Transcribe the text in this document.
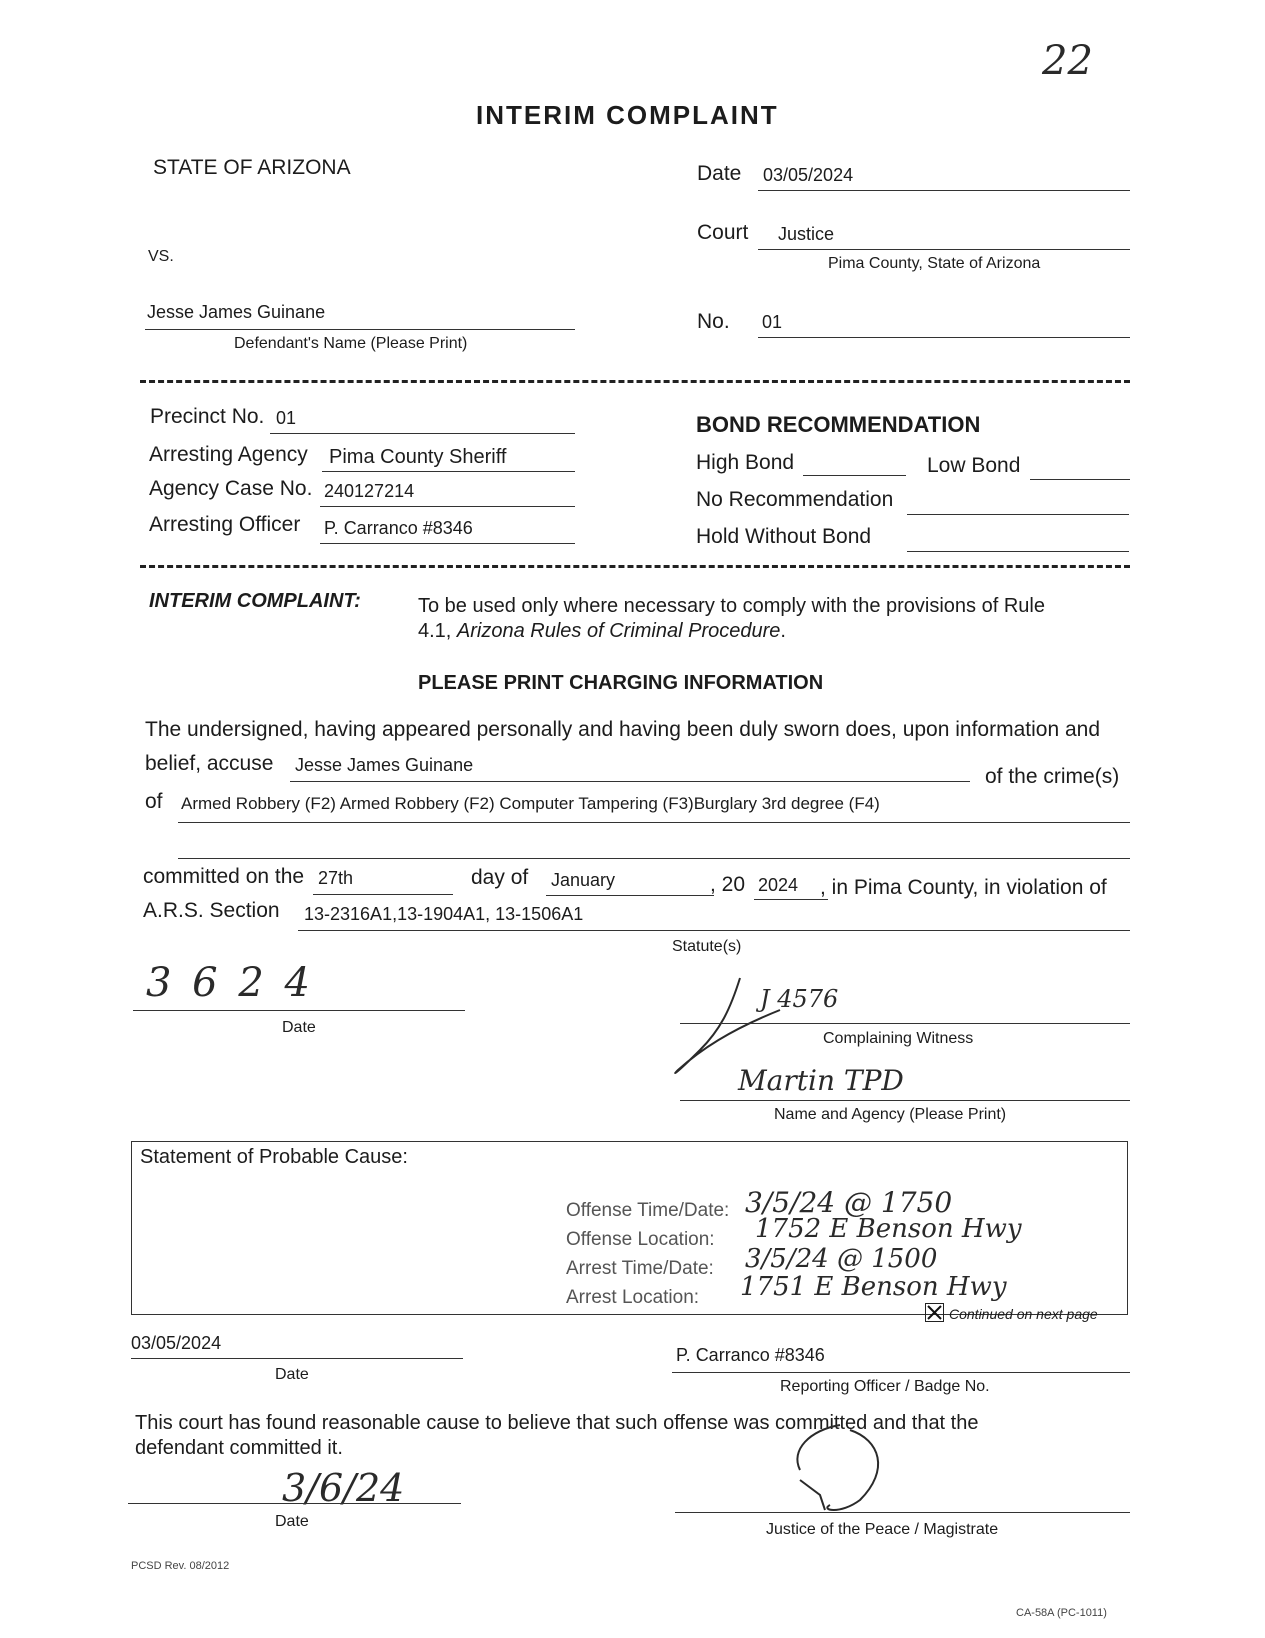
22
INTERIM COMPLAINT
STATE OF ARIZONA
VS.
Jesse James Guinane
Defendant's Name (Please Print)
Date 03/05/2024
Court Justice
Pima County, State of Arizona
No. 01
Precinct No. 01
Arresting Agency Pima County Sheriff
Agency Case No. 240127214
Arresting Officer P. Carranco #8346
BOND RECOMMENDATION
High Bond	Low Bond
No Recommendation
Hold Without Bond
INTERIM COMPLAINT:	To be used only where necessary to comply with the provisions of Rule
4.1, Arizona Rules of Criminal Procedure.
PLEASE PRINT CHARGING INFORMATION
The undersigned, having appeared personally and having been duly sworn does, upon information and
belief, accuse Jesse James Guinane	of the crime(s)
of Armed Robbery (F2) Armed Robbery (F2) Computer Tampering (F3)Burglary 3rd degree (F4)
committed on the 27th	day of January	, 20 2024 , in Pima County, in violation of
A.R.S. Section 13-2316A1,13-1904A1, 13-1506A1
Statute(s)
3 6 2 4
Date
J 4576
Complaining Witness
Martin TPD
Name and Agency (Please Print)
Statement of Probable Cause:
Offense Time/Date: 3/5/24 @ 1750
Offense Location: 1752 E Benson Hwy
Arrest Time/Date: 3/5/24 @ 1500
Arrest Location: 1751 E Benson Hwy
Continued on next page
03/05/2024
Date
P. Carranco #8346
Reporting Officer / Badge No.
This court has found reasonable cause to believe that such offense was committed and that the
defendant committed it.
3/6/24
Date	Justice of the Peace / Magistrate
PCSD Rev. 08/2012
CA-58A (PC-1011)
